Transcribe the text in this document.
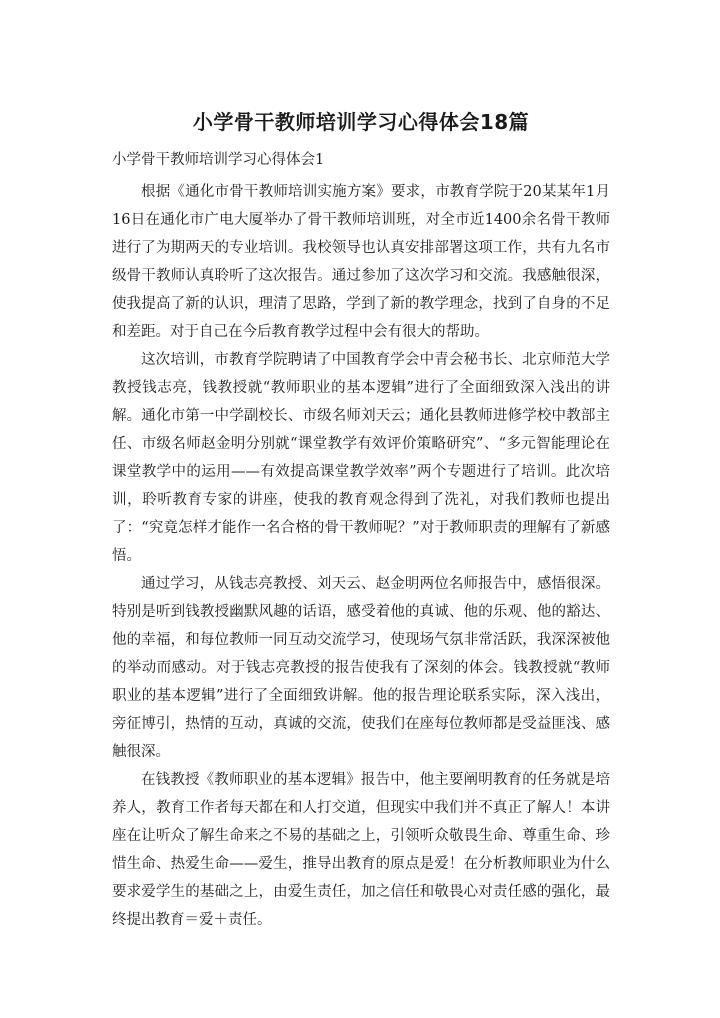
小学骨干教师培训学习心得体会18篇

小学骨干教师培训学习心得体会1

根据《通化市骨干教师培训实施方案》要求，市教育学院于20某某年1月16日在通化市广电大厦举办了骨干教师培训班，对全市近1400余名骨干教师进行了为期两天的专业培训。我校领导也认真安排部署这项工作，共有九名市级骨干教师认真聆听了这次报告。通过参加了这次学习和交流。我感触很深，使我提高了新的认识，理清了思路，学到了新的教学理念，找到了自身的不足和差距。对于自己在今后教育教学过程中会有很大的帮助。

这次培训，市教育学院聘请了中国教育学会中青会秘书长、北京师范大学教授钱志亮，钱教授就“教师职业的基本逻辑”进行了全面细致深入浅出的讲解。通化市第一中学副校长、市级名师刘天云；通化县教师进修学校中教部主任、市级名师赵金明分别就“课堂教学有效评价策略研究”、“多元智能理论在课堂教学中的运用——有效提高课堂教学效率”两个专题进行了培训。此次培训，聆听教育专家的讲座，使我的教育观念得到了洗礼，对我们教师也提出了：“究竟怎样才能作一名合格的骨干教师呢？”对于教师职责的理解有了新感悟。

通过学习，从钱志亮教授、刘天云、赵金明两位名师报告中，感悟很深。特别是听到钱教授幽默风趣的话语，感受着他的真诚、他的乐观、他的豁达、他的幸福，和每位教师一同互动交流学习，使现场气氛非常活跃，我深深被他的举动而感动。对于钱志亮教授的报告使我有了深刻的体会。钱教授就“教师职业的基本逻辑”进行了全面细致讲解。他的报告理论联系实际，深入浅出，旁征博引，热情的互动，真诚的交流，使我们在座每位教师都是受益匪浅、感触很深。

在钱教授《教师职业的基本逻辑》报告中，他主要阐明教育的任务就是培养人，教育工作者每天都在和人打交道，但现实中我们并不真正了解人！本讲座在让听众了解生命来之不易的基础之上，引领听众敬畏生命、尊重生命、珍惜生命、热爱生命——爱生，推导出教育的原点是爱！在分析教师职业为什么要求爱学生的基础之上，由爱生责任，加之信任和敬畏心对责任感的强化，最终提出教育＝爱＋责任。
